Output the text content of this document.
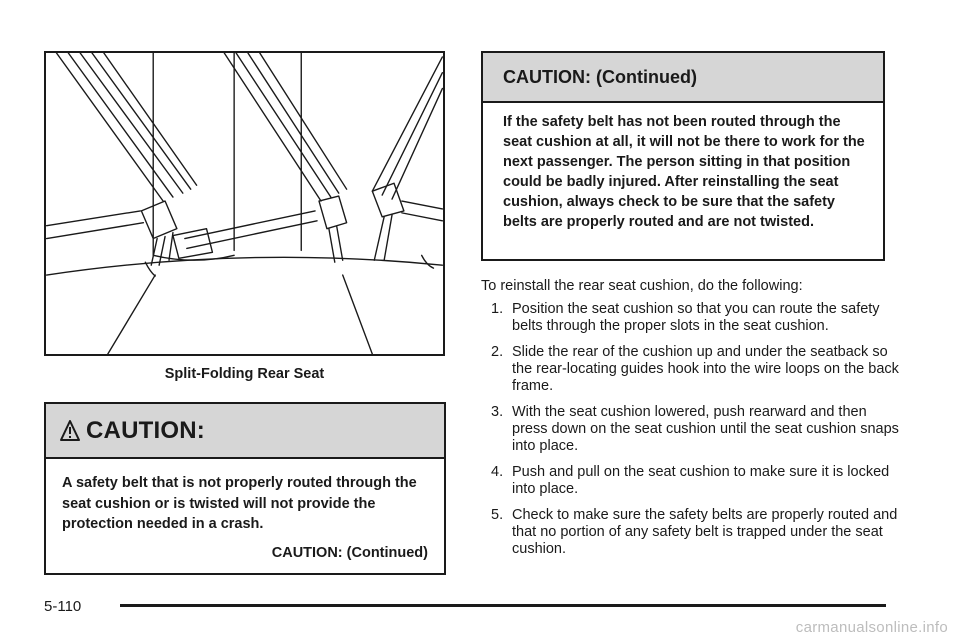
Split-Folding Rear Seat
CAUTION:
A safety belt that is not properly routed through the seat cushion or is twisted will not provide the protection needed in a crash.
CAUTION: (Continued)
CAUTION: (Continued)
If the safety belt has not been routed through the seat cushion at all, it will not be there to work for the next passenger. The person sitting in that position could be badly injured. After reinstalling the seat cushion, always check to be sure that the safety belts are properly routed and are not twisted.
To reinstall the rear seat cushion, do the following:
1. Position the seat cushion so that you can route the safety belts through the proper slots in the seat cushion.
2. Slide the rear of the cushion up and under the seatback so the rear-locating guides hook into the wire loops on the back frame.
3. With the seat cushion lowered, push rearward and then press down on the seat cushion until the seat cushion snaps into place.
4. Push and pull on the seat cushion to make sure it is locked into place.
5. Check to make sure the safety belts are properly routed and that no portion of any safety belt is trapped under the seat cushion.
5-110
carmanualsonline.info
